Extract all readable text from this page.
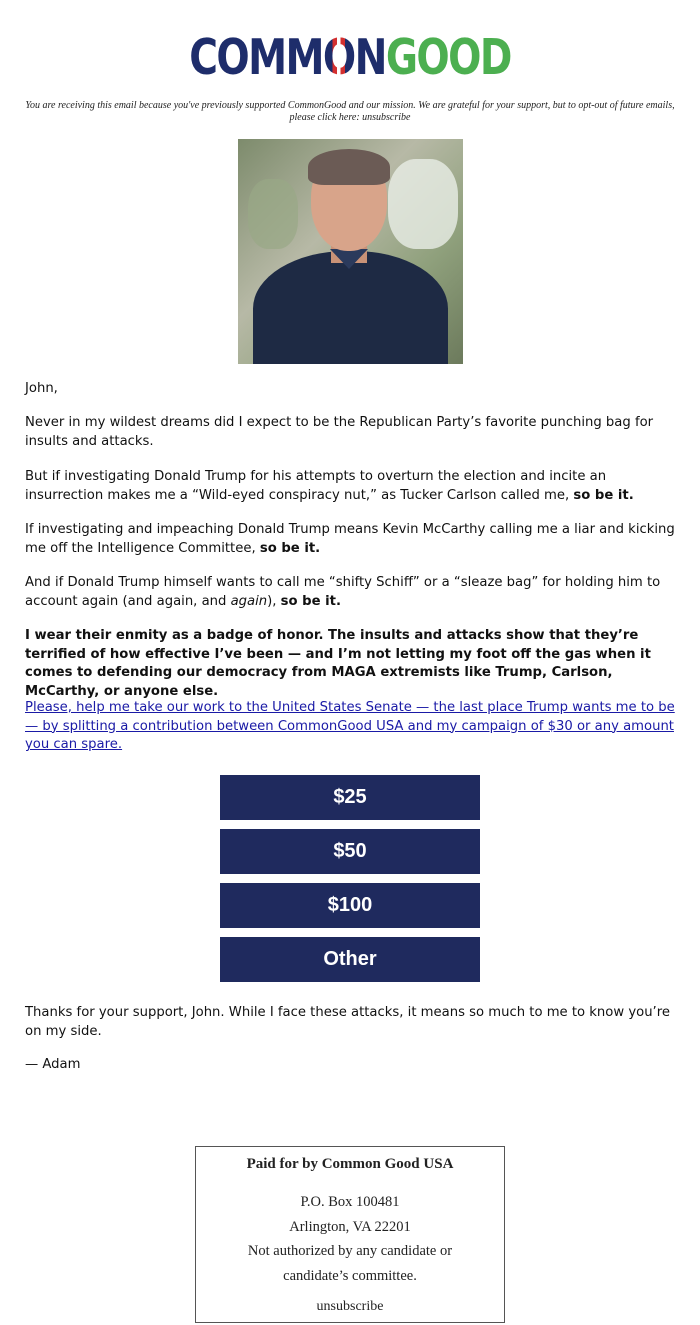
COMMONGOOD
You are receiving this email because you've previously supported CommonGood and our mission. We are grateful for your support, but to opt-out of future emails, please click here: unsubscribe

John,

Never in my wildest dreams did I expect to be the Republican Party’s favorite punching bag for insults and attacks.

But if investigating Donald Trump for his attempts to overturn the election and incite an insurrection makes me a “Wild-eyed conspiracy nut,” as Tucker Carlson called me, so be it.

If investigating and impeaching Donald Trump means Kevin McCarthy calling me a liar and kicking me off the Intelligence Committee, so be it.

And if Donald Trump himself wants to call me “shifty Schiff” or a “sleaze bag” for holding him to account again (and again, and again), so be it.

I wear their enmity as a badge of honor. The insults and attacks show that they’re terrified of how effective I’ve been — and I’m not letting my foot off the gas when it comes to defending our democracy from MAGA extremists like Trump, Carlson, McCarthy, or anyone else.

Please, help me take our work to the United States Senate — the last place Trump wants me to be — by splitting a contribution between CommonGood USA and my campaign of $30 or any amount you can spare.

$25
$50
$100
Other

Thanks for your support, John. While I face these attacks, it means so much to me to know you’re on my side.

— Adam

Paid for by Common Good USA
P.O. Box 100481
Arlington, VA 22201
Not authorized by any candidate or
candidate’s committee.
unsubscribe
